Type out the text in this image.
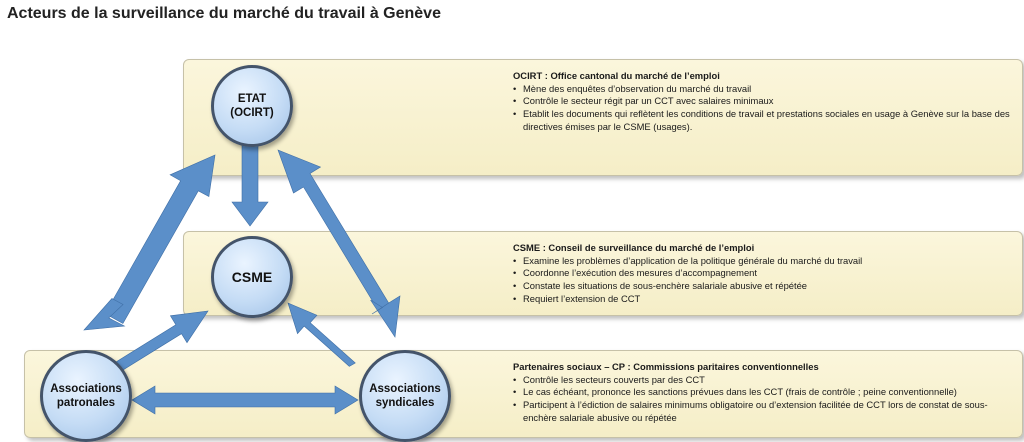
Acteurs de la surveillance du marché du travail à Genève
ETAT (OCIRT)
CSME
Associations patronales
Associations syndicales
OCIRT : Office cantonal du marché de l’emploi
• Mène des enquêtes d’observation du marché du travail
• Contrôle le secteur régit par un CCT avec salaires minimaux
• Etablit les documents qui reflètent les conditions de travail et prestations sociales en usage à Genève sur la base des directives émises par le CSME (usages).
CSME : Conseil de surveillance du marché de l’emploi
• Examine les problèmes d’application de la politique générale du marché du travail
• Coordonne l’exécution des mesures d’accompagnement
• Constate les situations de sous-enchère salariale abusive et répétée
• Requiert l’extension de CCT
Partenaires sociaux – CP : Commissions paritaires conventionnelles
• Contrôle les secteurs couverts par des CCT
• Le cas échéant, prononce les sanctions prévues dans les CCT (frais de contrôle ; peine conventionnelle)
• Participent à l’édiction de salaires minimums obligatoire ou d’extension facilitée de CCT lors de constat de sous-enchère salariale abusive ou répétée
